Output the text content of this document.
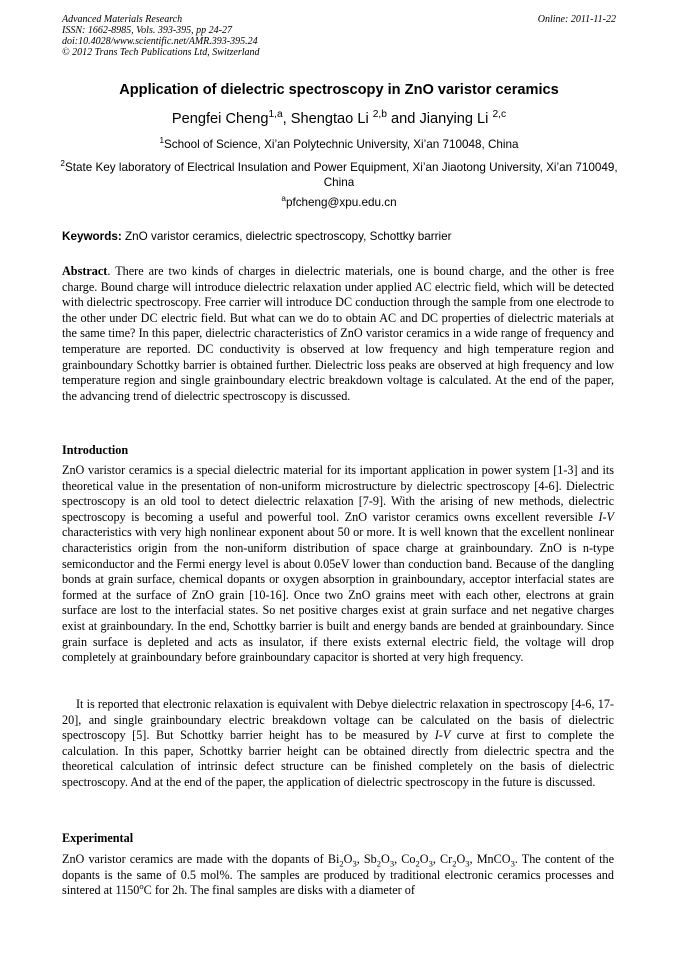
Advanced Materials Research
ISSN: 1662-8985, Vols. 393-395, pp 24-27
doi:10.4028/www.scientific.net/AMR.393-395.24
© 2012 Trans Tech Publications Ltd, Switzerland
Online: 2011-11-22
Application of dielectric spectroscopy in ZnO varistor ceramics
Pengfei Cheng$^{1,a}$, Shengtao Li $^{2,b}$ and Jianying Li $^{2,c}$
$^1$School of Science, Xi’an Polytechnic University, Xi’an 710048, China
$^2$State Key laboratory of Electrical Insulation and Power Equipment, Xi’an Jiaotong University, Xi’an 710049, China
$^a$pfcheng@xpu.edu.cn
Keywords: ZnO varistor ceramics, dielectric spectroscopy, Schottky barrier
Abstract. There are two kinds of charges in dielectric materials, one is bound charge, and the other is free charge. Bound charge will introduce dielectric relaxation under applied AC electric field, which will be detected with dielectric spectroscopy. Free carrier will introduce DC conduction through the sample from one electrode to the other under DC electric field. But what can we do to obtain AC and DC properties of dielectric materials at the same time? In this paper, dielectric characteristics of ZnO varistor ceramics in a wide range of frequency and temperature are reported. DC conductivity is observed at low frequency and high temperature region and grainboundary Schottky barrier is obtained further. Dielectric loss peaks are observed at high frequency and low temperature region and single grainboundary electric breakdown voltage is calculated. At the end of the paper, the advancing trend of dielectric spectroscopy is discussed.
Introduction
ZnO varistor ceramics is a special dielectric material for its important application in power system [1-3] and its theoretical value in the presentation of non-uniform microstructure by dielectric spectroscopy [4-6]. Dielectric spectroscopy is an old tool to detect dielectric relaxation [7-9]. With the arising of new methods, dielectric spectroscopy is becoming a useful and powerful tool. ZnO varistor ceramics owns excellent reversible I-V characteristics with very high nonlinear exponent about 50 or more. It is well known that the excellent nonlinear characteristics origin from the non-uniform distribution of space charge at grainboundary. ZnO is n-type semiconductor and the Fermi energy level is about 0.05eV lower than conduction band. Because of the dangling bonds at grain surface, chemical dopants or oxygen absorption in grainboundary, acceptor interfacial states are formed at the surface of ZnO grain [10-16]. Once two ZnO grains meet with each other, electrons at grain surface are lost to the interfacial states. So net positive charges exist at grain surface and net negative charges exist at grainboundary. In the end, Schottky barrier is built and energy bands are bended at grainboundary. Since grain surface is depleted and acts as insulator, if there exists external electric field, the voltage will drop completely at grainboundary before grainboundary capacitor is shorted at very high frequency.
It is reported that electronic relaxation is equivalent with Debye dielectric relaxation in spectroscopy [4-6, 17-20], and single grainboundary electric breakdown voltage can be calculated on the basis of dielectric spectroscopy [5]. But Schottky barrier height has to be measured by I-V curve at first to complete the calculation. In this paper, Schottky barrier height can be obtained directly from dielectric spectra and the theoretical calculation of intrinsic defect structure can be finished completely on the basis of dielectric spectroscopy. And at the end of the paper, the application of dielectric spectroscopy in the future is discussed.
Experimental
ZnO varistor ceramics are made with the dopants of $Bi_2O_3$, $Sb_2O_3$, $Co_2O_3$, $Cr_2O_3$, MnCO$_3$. The content of the dopants is the same of 0.5 mol%. The samples are produced by traditional electronic ceramics processes and sintered at 1150$^o$C for 2h. The final samples are disks with a diameter of
